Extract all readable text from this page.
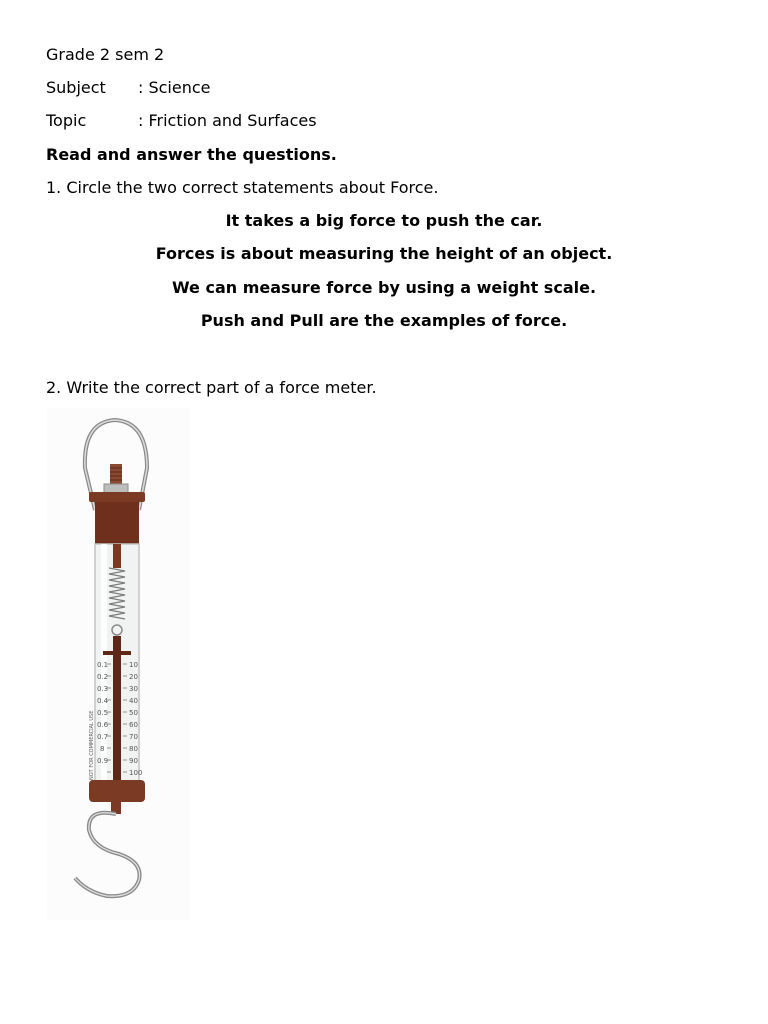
Grade 2 sem 2
Subject : Science
Topic	: Friction and Surfaces
Read and answer the questions.
1. Circle the two correct statements about Force.
It takes a big force to push the car.
Forces is about measuring the height of an object.
We can measure force by using a weight scale.
Push and Pull are the examples of force.
2. Write the correct part of a force meter.
0.1
0.2
0.3
0.4
0.5
0.6
0.7
8
0.9
10
20
30
40
50
60
70
80
90
100
NOT FOR COMMERCIAL USE
